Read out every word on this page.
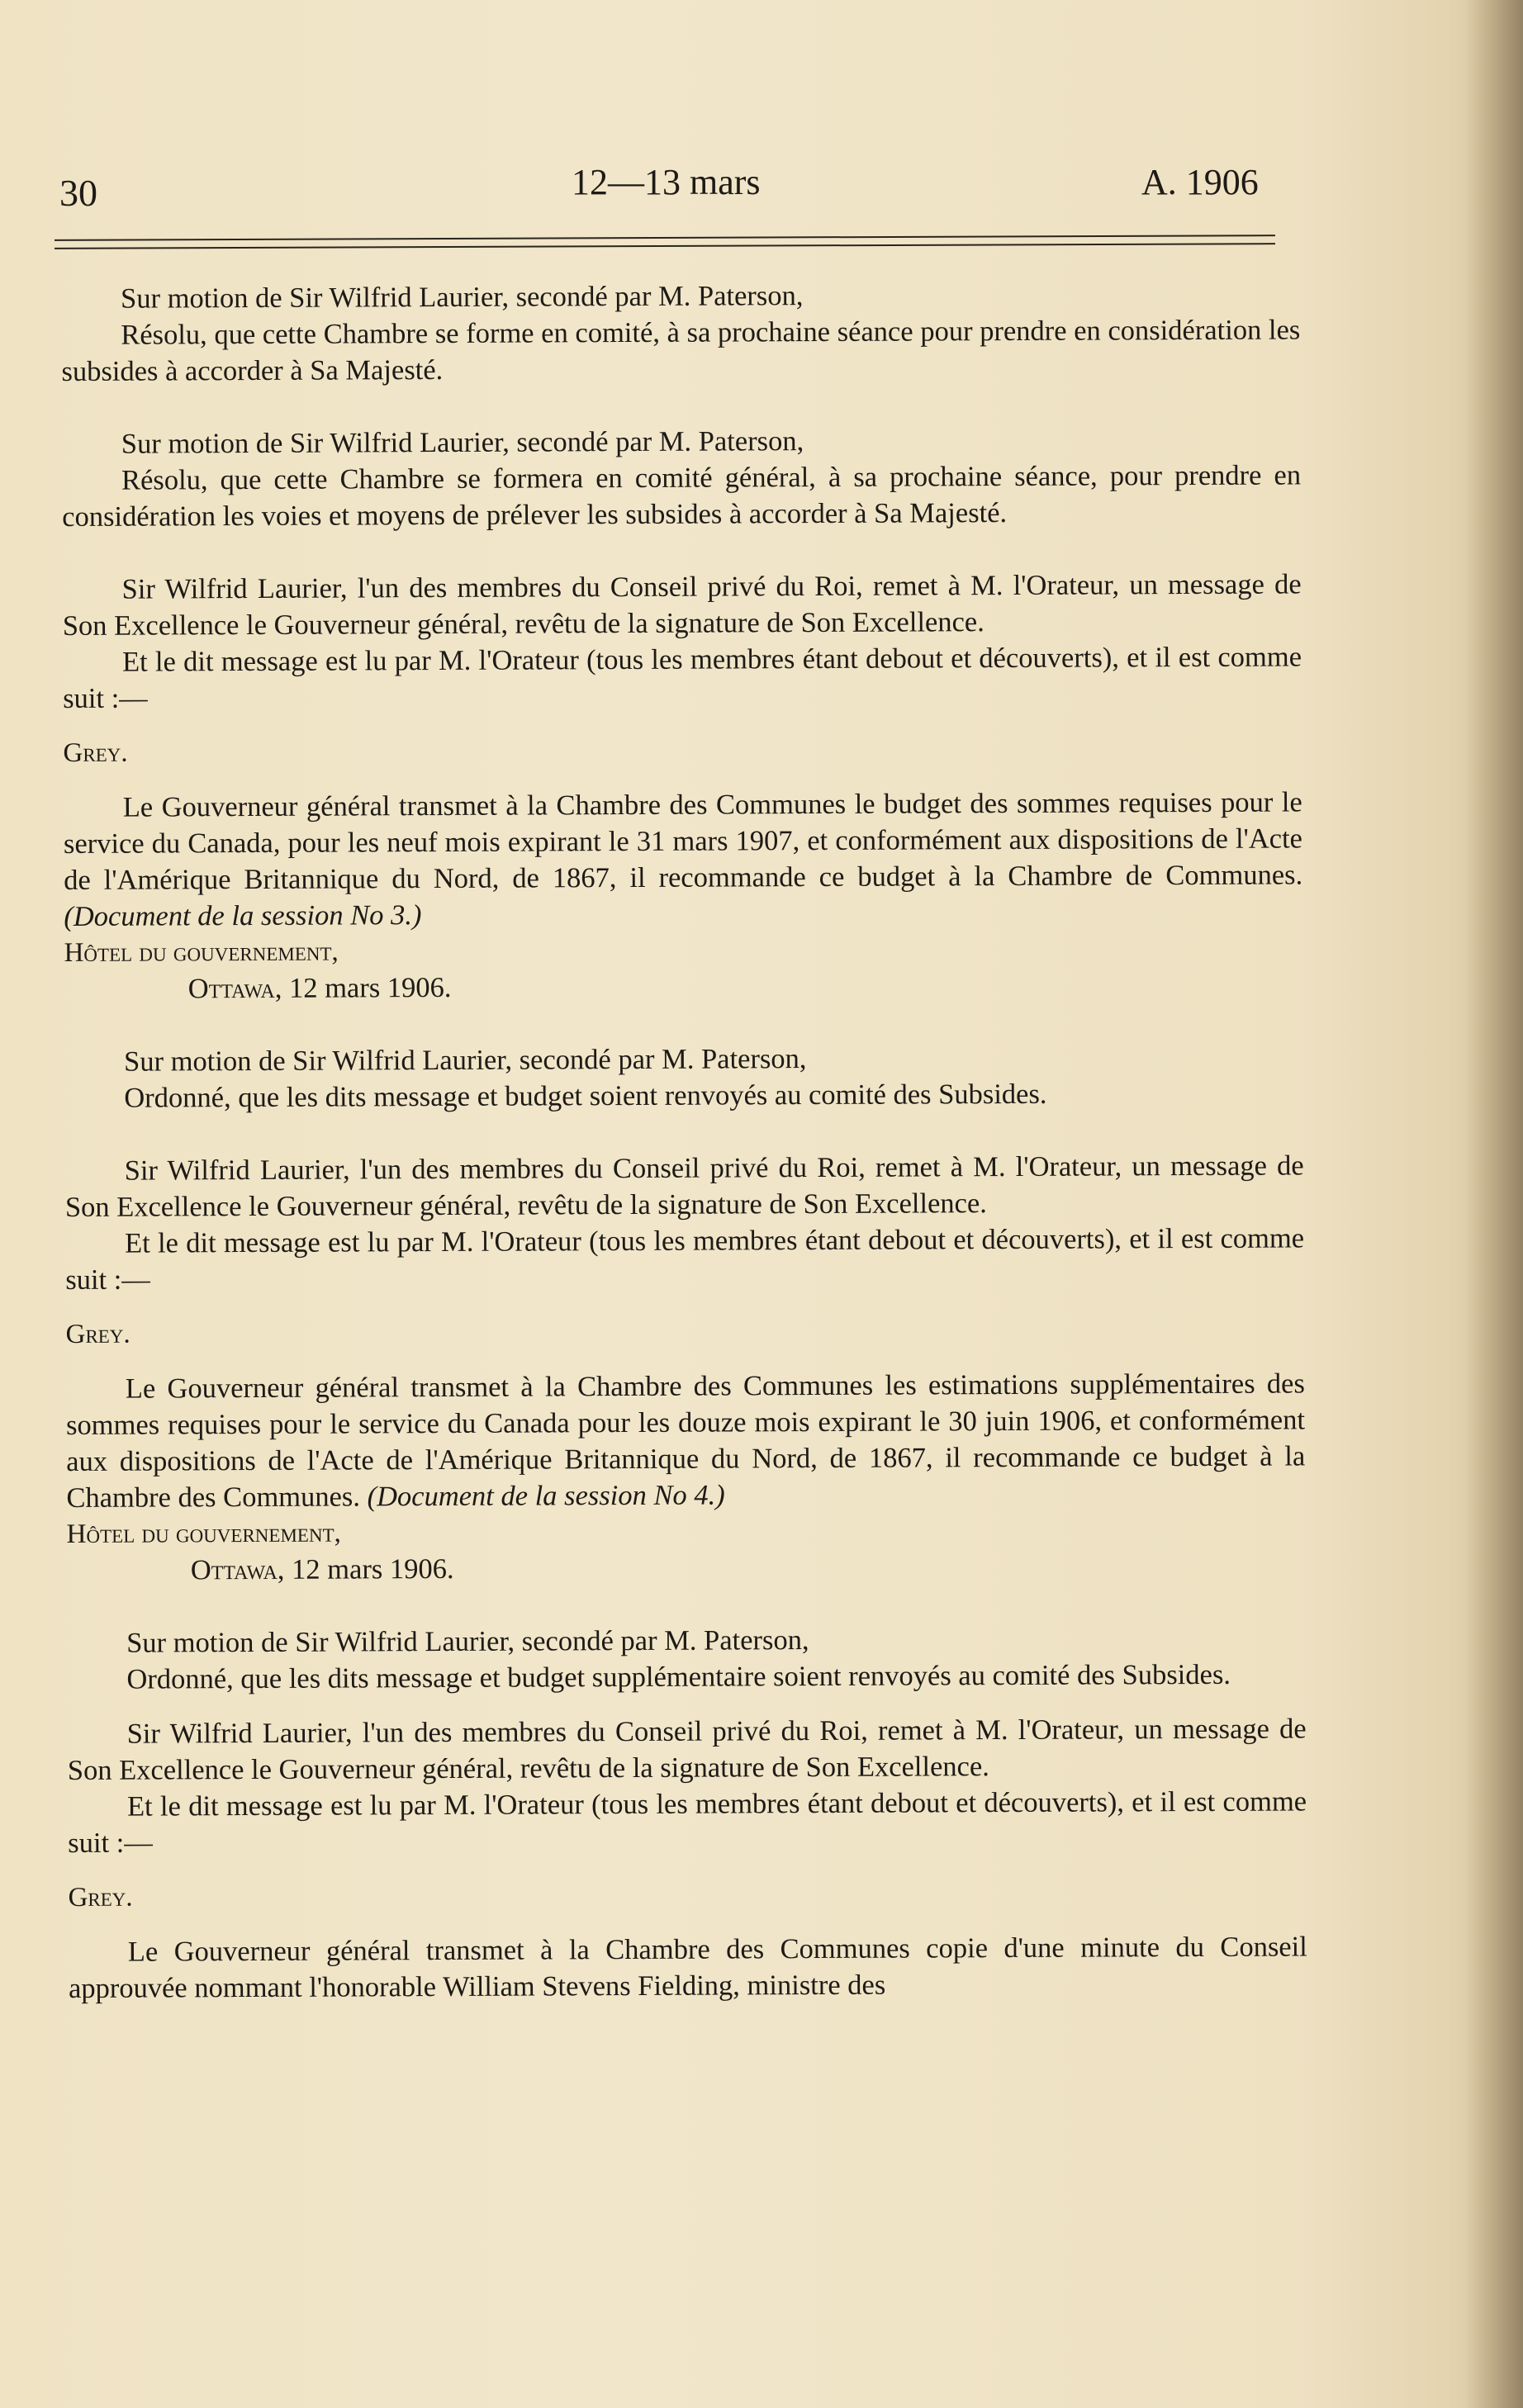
30	12—13 mars	A. 1906

Sur motion de Sir Wilfrid Laurier, secondé par M. Paterson,

Résolu, que cette Chambre se forme en comité, à sa prochaine séance pour prendre en considération les subsides à accorder à Sa Majesté.

Sur motion de Sir Wilfrid Laurier, secondé par M. Paterson,

Résolu, que cette Chambre se formera en comité général, à sa prochaine séance, pour prendre en considération les voies et moyens de prélever les subsides à accorder à Sa Majesté.

Sir Wilfrid Laurier, l'un des membres du Conseil privé du Roi, remet à M. l'Orateur, un message de Son Excellence le Gouverneur général, revêtu de la signature de Son Excellence.

Et le dit message est lu par M. l'Orateur (tous les membres étant debout et découverts), et il est comme suit :—

Grey.

Le Gouverneur général transmet à la Chambre des Communes le budget des sommes requises pour le service du Canada, pour les neuf mois expirant le 31 mars 1907, et conformément aux dispositions de l'Acte de l'Amérique Britannique du Nord, de 1867, il recommande ce budget à la Chambre de Communes. (Document de la session No 3.)

Hôtel du gouvernement,

Ottawa, 12 mars 1906.

Sur motion de Sir Wilfrid Laurier, secondé par M. Paterson,

Ordonné, que les dits message et budget soient renvoyés au comité des Subsides.

Sir Wilfrid Laurier, l'un des membres du Conseil privé du Roi, remet à M. l'Orateur, un message de Son Excellence le Gouverneur général, revêtu de la signature de Son Excellence.

Et le dit message est lu par M. l'Orateur (tous les membres étant debout et découverts), et il est comme suit :—

Grey.

Le Gouverneur général transmet à la Chambre des Communes les estimations supplémentaires des sommes requises pour le service du Canada pour les douze mois expirant le 30 juin 1906, et conformément aux dispositions de l'Acte de l'Amérique Britannique du Nord, de 1867, il recommande ce budget à la Chambre des Communes. (Document de la session No 4.)

Hôtel du gouvernement,

Ottawa, 12 mars 1906.

Sur motion de Sir Wilfrid Laurier, secondé par M. Paterson,

Ordonné, que les dits message et budget supplémentaire soient renvoyés au comité des Subsides.

Sir Wilfrid Laurier, l'un des membres du Conseil privé du Roi, remet à M. l'Orateur, un message de Son Excellence le Gouverneur général, revêtu de la signature de Son Excellence.

Et le dit message est lu par M. l'Orateur (tous les membres étant debout et découverts), et il est comme suit :—

Grey.

Le Gouverneur général transmet à la Chambre des Communes copie d'une minute du Conseil approuvée nommant l'honorable William Stevens Fielding, ministre des
